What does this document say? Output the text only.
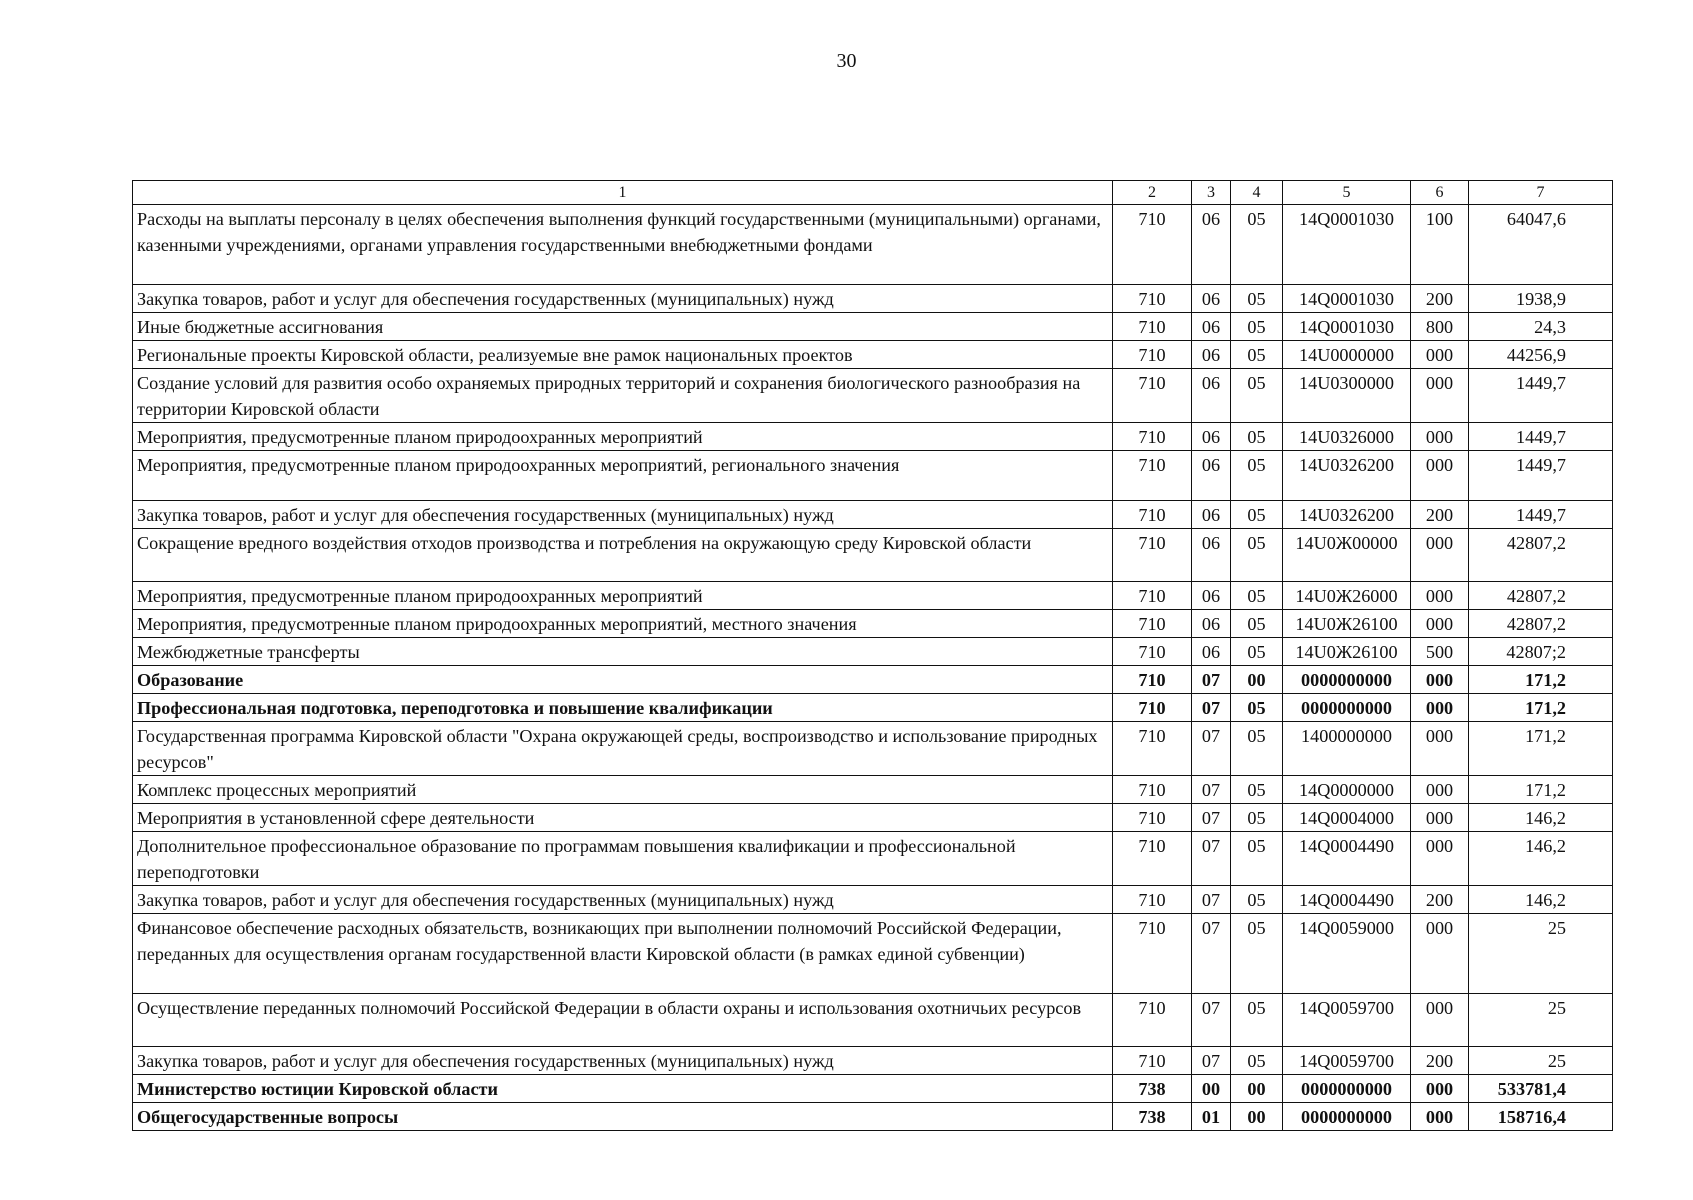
30
1	2	3	4	5	6	7
Расходы на выплаты персоналу в целях обеспечения выполнения функций государственными (муниципальными) органами, казенными учреждениями, органами управления государственными внебюджетными фондами	710	06	05	14Q0001030	100	64047,6
Закупка товаров, работ и услуг для обеспечения государственных (муниципальных) нужд	710	06	05	14Q0001030	200	1938,9
Иные бюджетные ассигнования	710	06	05	14Q0001030	800	24,3
Региональные проекты Кировской области, реализуемые вне рамок национальных проектов	710	06	05	14U0000000	000	44256,9
Создание условий для развития особо охраняемых природных территорий и сохранения биологического разнообразия на территории Кировской области	710	06	05	14U0300000	000	1449,7
Мероприятия, предусмотренные планом природоохранных мероприятий	710	06	05	14U0326000	000	1449,7
Мероприятия, предусмотренные планом природоохранных мероприятий, регионального значения	710	06	05	14U0326200	000	1449,7
Закупка товаров, работ и услуг для обеспечения государственных (муниципальных) нужд	710	06	05	14U0326200	200	1449,7
Сокращение вредного воздействия отходов производства и потребления на окружающую среду Кировской области	710	06	05	14U0Ж00000	000	42807,2
Мероприятия, предусмотренные планом природоохранных мероприятий	710	06	05	14U0Ж26000	000	42807,2
Мероприятия, предусмотренные планом природоохранных мероприятий, местного значения	710	06	05	14U0Ж26100	000	42807,2
Межбюджетные трансферты	710	06	05	14U0Ж26100	500	42807;2
Образование	710	07	00	0000000000	000	171,2
Профессиональная подготовка, переподготовка и повышение квалификации	710	07	05	0000000000	000	171,2
Государственная программа Кировской области "Охрана окружающей среды, воспроизводство и использование природных ресурсов"	710	07	05	1400000000	000	171,2
Комплекс процессных мероприятий	710	07	05	14Q0000000	000	171,2
Мероприятия в установленной сфере деятельности	710	07	05	14Q0004000	000	146,2
Дополнительное профессиональное образование по программам повышения квалификации и профессиональной переподготовки	710	07	05	14Q0004490	000	146,2
Закупка товаров, работ и услуг для обеспечения государственных (муниципальных) нужд	710	07	05	14Q0004490	200	146,2
Финансовое обеспечение расходных обязательств, возникающих при выполнении полномочий Российской Федерации, переданных для осуществления органам государственной власти Кировской области (в рамках единой субвенции)	710	07	05	14Q0059000	000	25
Осуществление переданных полномочий Российской Федерации в области охраны и использования охотничьих ресурсов	710	07	05	14Q0059700	000	25
Закупка товаров, работ и услуг для обеспечения государственных (муниципальных) нужд	710	07	05	14Q0059700	200	25
Министерство юстиции Кировской области	738	00	00	0000000000	000	533781,4
Общегосударственные вопросы	738	01	00	0000000000	000	158716,4
